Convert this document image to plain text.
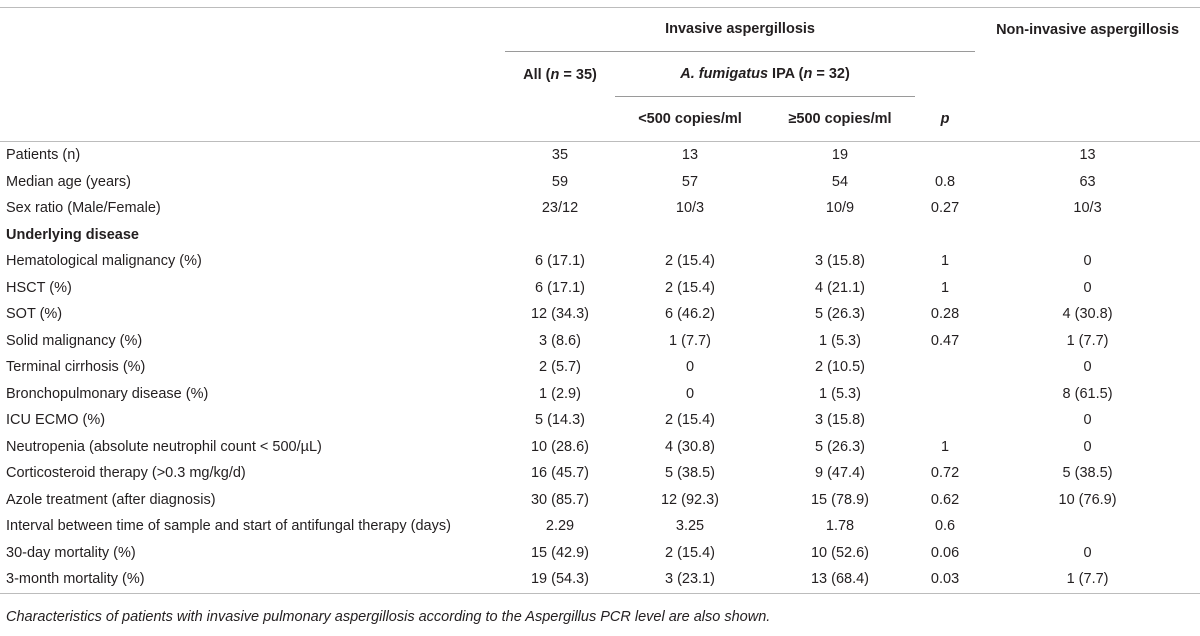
	Invasive aspergillosis				Non-invasive aspergillosis
	All (n = 35)	A. fumigatus IPA (n = 32)			

		<500 copies/ml	≥500 copies/ml	p	
Patients (n)	35	13	19		13
Median age (years)	59	57	54	0.8	63
Sex ratio (Male/Female)	23/12	10/3	10/9	0.27	10/3
Underlying disease					
Hematological malignancy (%)	6 (17.1)	2 (15.4)	3 (15.8)	1	0
HSCT (%)	6 (17.1)	2 (15.4)	4 (21.1)	1	0
SOT (%)	12 (34.3)	6 (46.2)	5 (26.3)	0.28	4 (30.8)
Solid malignancy (%)	3 (8.6)	1 (7.7)	1 (5.3)	0.47	1 (7.7)
Terminal cirrhosis (%)	2 (5.7)	0	2 (10.5)		0
Bronchopulmonary disease (%)	1 (2.9)	0	1 (5.3)		8 (61.5)
ICU ECMO (%)	5 (14.3)	2 (15.4)	3 (15.8)		0
Neutropenia (absolute neutrophil count < 500/µL)	10 (28.6)	4 (30.8)	5 (26.3)	1	0
Corticosteroid therapy (>0.3 mg/kg/d)	16 (45.7)	5 (38.5)	9 (47.4)	0.72	5 (38.5)
Azole treatment (after diagnosis)	30 (85.7)	12 (92.3)	15 (78.9)	0.62	10 (76.9)
Interval between time of sample and start of antifungal therapy (days)	2.29	3.25	1.78	0.6	
30-day mortality (%)	15 (42.9)	2 (15.4)	10 (52.6)	0.06	0
3-month mortality (%)	19 (54.3)	3 (23.1)	13 (68.4)	0.03	1 (7.7)
Characteristics of patients with invasive pulmonary aspergillosis according to the Aspergillus PCR level are also shown.
